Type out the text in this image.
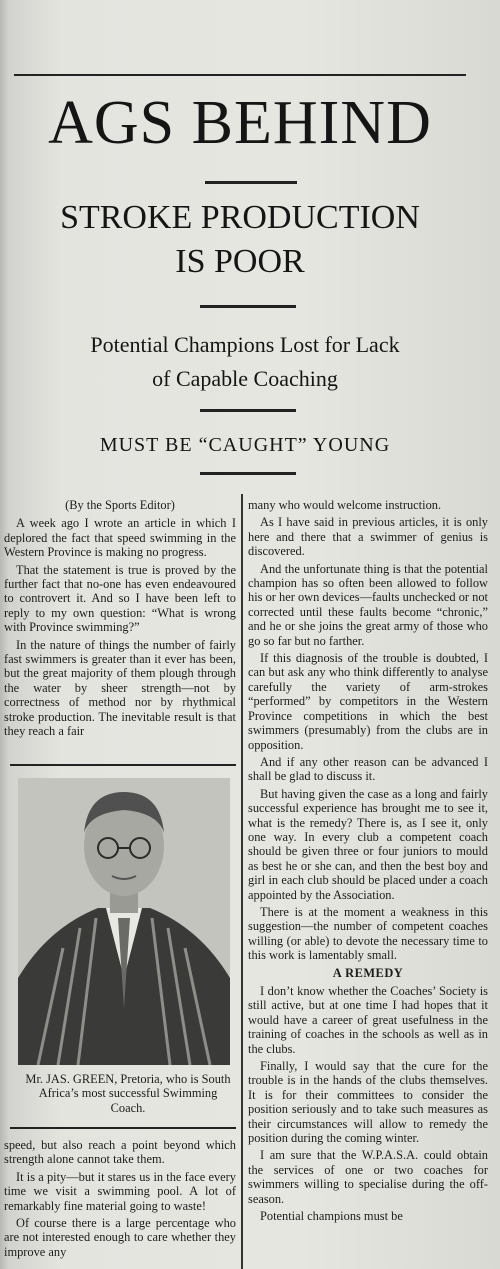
AGS BEHIND
STROKE PRODUCTION
IS POOR
Potential Champions Lost for Lack
of Capable Coaching
MUST BE “CAUGHT” YOUNG

(By the Sports Editor)

A week ago I wrote an article in which I deplored the fact that speed swimming in the Western Province is making no progress.

That the statement is true is proved by the further fact that no-one has even endeavoured to controvert it. And so I have been left to reply to my own question: “What is wrong with Province swimming?”

In the nature of things the number of fairly fast swimmers is greater than it ever has been, but the great majority of them plough through the water by sheer strength—not by correctness of method nor by rhythmical stroke production. The inevitable result is that they reach a fair

Mr. JAS. GREEN, Pretoria, who is South Africa’s most successful Swimming Coach.

speed, but also reach a point beyond which strength alone cannot take them.

It is a pity—but it stares us in the face every time we visit a swimming pool. A lot of remarkably fine material going to waste!

Of course there is a large percentage who are not interested enough to care whether they improve any

many who would welcome instruction.

As I have said in previous articles, it is only here and there that a swimmer of genius is discovered.

And the unfortunate thing is that the potential champion has so often been allowed to follow his or her own devices—faults unchecked or not corrected until these faults become “chronic,” and he or she joins the great army of those who go so far but no farther.

If this diagnosis of the trouble is doubted, I can but ask any who think differently to analyse carefully the variety of arm-strokes “performed” by competitors in the Western Province competitions in which the best swimmers (presumably) from the clubs are in opposition.

And if any other reason can be advanced I shall be glad to discuss it.

But having given the case as a long and fairly successful experience has brought me to see it, what is the remedy? There is, as I see it, only one way. In every club a competent coach should be given three or four juniors to mould as best he or she can, and then the best boy and girl in each club should be placed under a coach appointed by the Association.

There is at the moment a weakness in this suggestion—the number of competent coaches willing (or able) to devote the necessary time to this work is lamentably small.

A REMEDY

I don’t know whether the Coaches’ Society is still active, but at one time I had hopes that it would have a career of great usefulness in the training of coaches in the schools as well as in the clubs.

Finally, I would say that the cure for the trouble is in the hands of the clubs themselves. It is for their committees to consider the position seriously and to take such measures as their circumstances will allow to remedy the position during the coming winter.

I am sure that the W.P.A.S.A. could obtain the services of one or two coaches for swimmers willing to specialise during the off-season.

Potential champions must be
